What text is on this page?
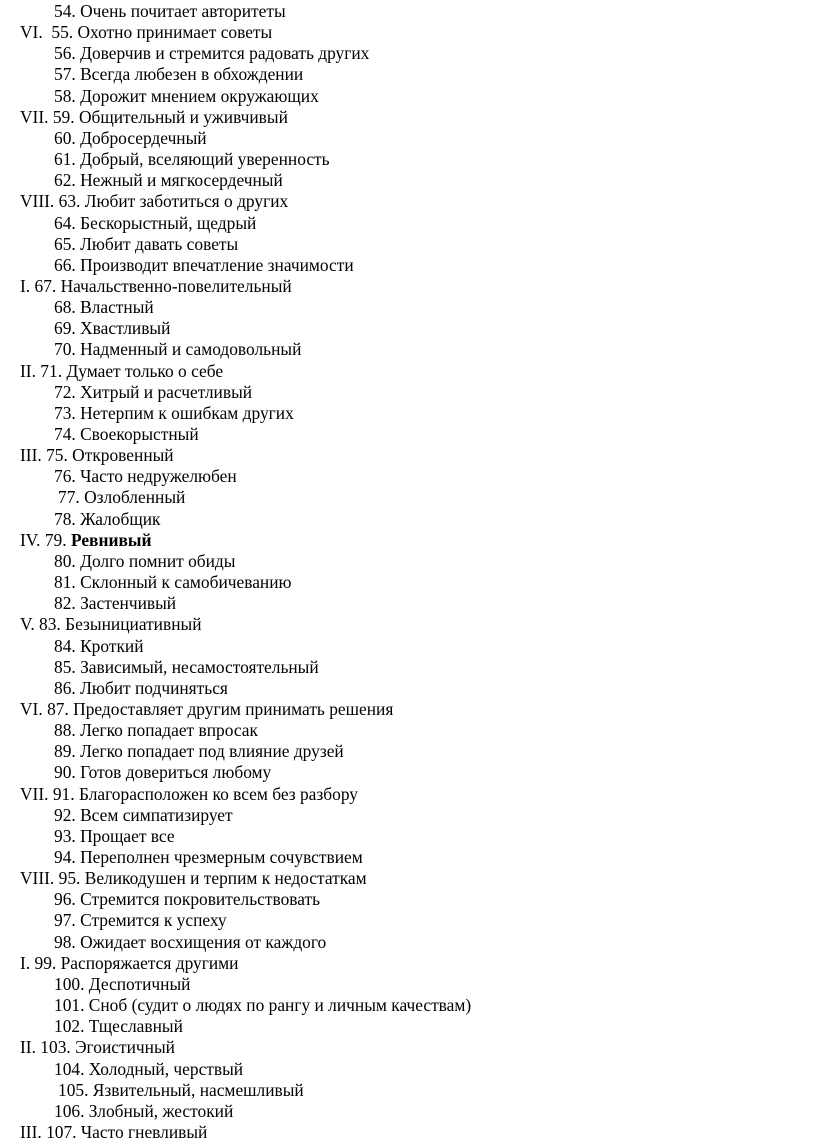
54. Очень почитает авторитеты
VI. 55. Охотно принимает советы
56. Доверчив и стремится радовать других
57. Всегда любезен в обхождении
58. Дорожит мнением окружающих
VII. 59. Общительный и уживчивый
60. Добросердечный
61. Добрый, вселяющий уверенность
62. Нежный и мягкосердечный
VIII. 63. Любит заботиться о других
64. Бескорыстный, щедрый
65. Любит давать советы
66. Производит впечатление значимости
I. 67. Начальственно-повелительный
68. Властный
69. Хвастливый
70. Надменный и самодовольный
II. 71. Думает только о себе
72. Хитрый и расчетливый
73. Нетерпим к ошибкам других
74. Своекорыстный
III. 75. Откровенный
76. Часто недружелюбен
77. Озлобленный
78. Жалобщик
IV. 79. Ревнивый
80. Долго помнит обиды
81. Склонный к самобичеванию
82. Застенчивый
V. 83. Безынициативный
84. Кроткий
85. Зависимый, несамостоятельный
86. Любит подчиняться
VI. 87. Предоставляет другим принимать решения
88. Легко попадает впросак
89. Легко попадает под влияние друзей
90. Готов довериться любому
VII. 91. Благорасположен ко всем без разбору
92. Всем симпатизирует
93. Прощает все
94. Переполнен чрезмерным сочувствием
VIII. 95. Великодушен и терпим к недостаткам
96. Стремится покровительствовать
97. Стремится к успеху
98. Ожидает восхищения от каждого
I. 99. Распоряжается другими
100. Деспотичный
101. Сноб (судит о людях по рангу и личным качествам)
102. Тщеславный
II. 103. Эгоистичный
104. Холодный, черствый
105. Язвительный, насмешливый
106. Злобный, жестокий
III. 107. Часто гневливый
